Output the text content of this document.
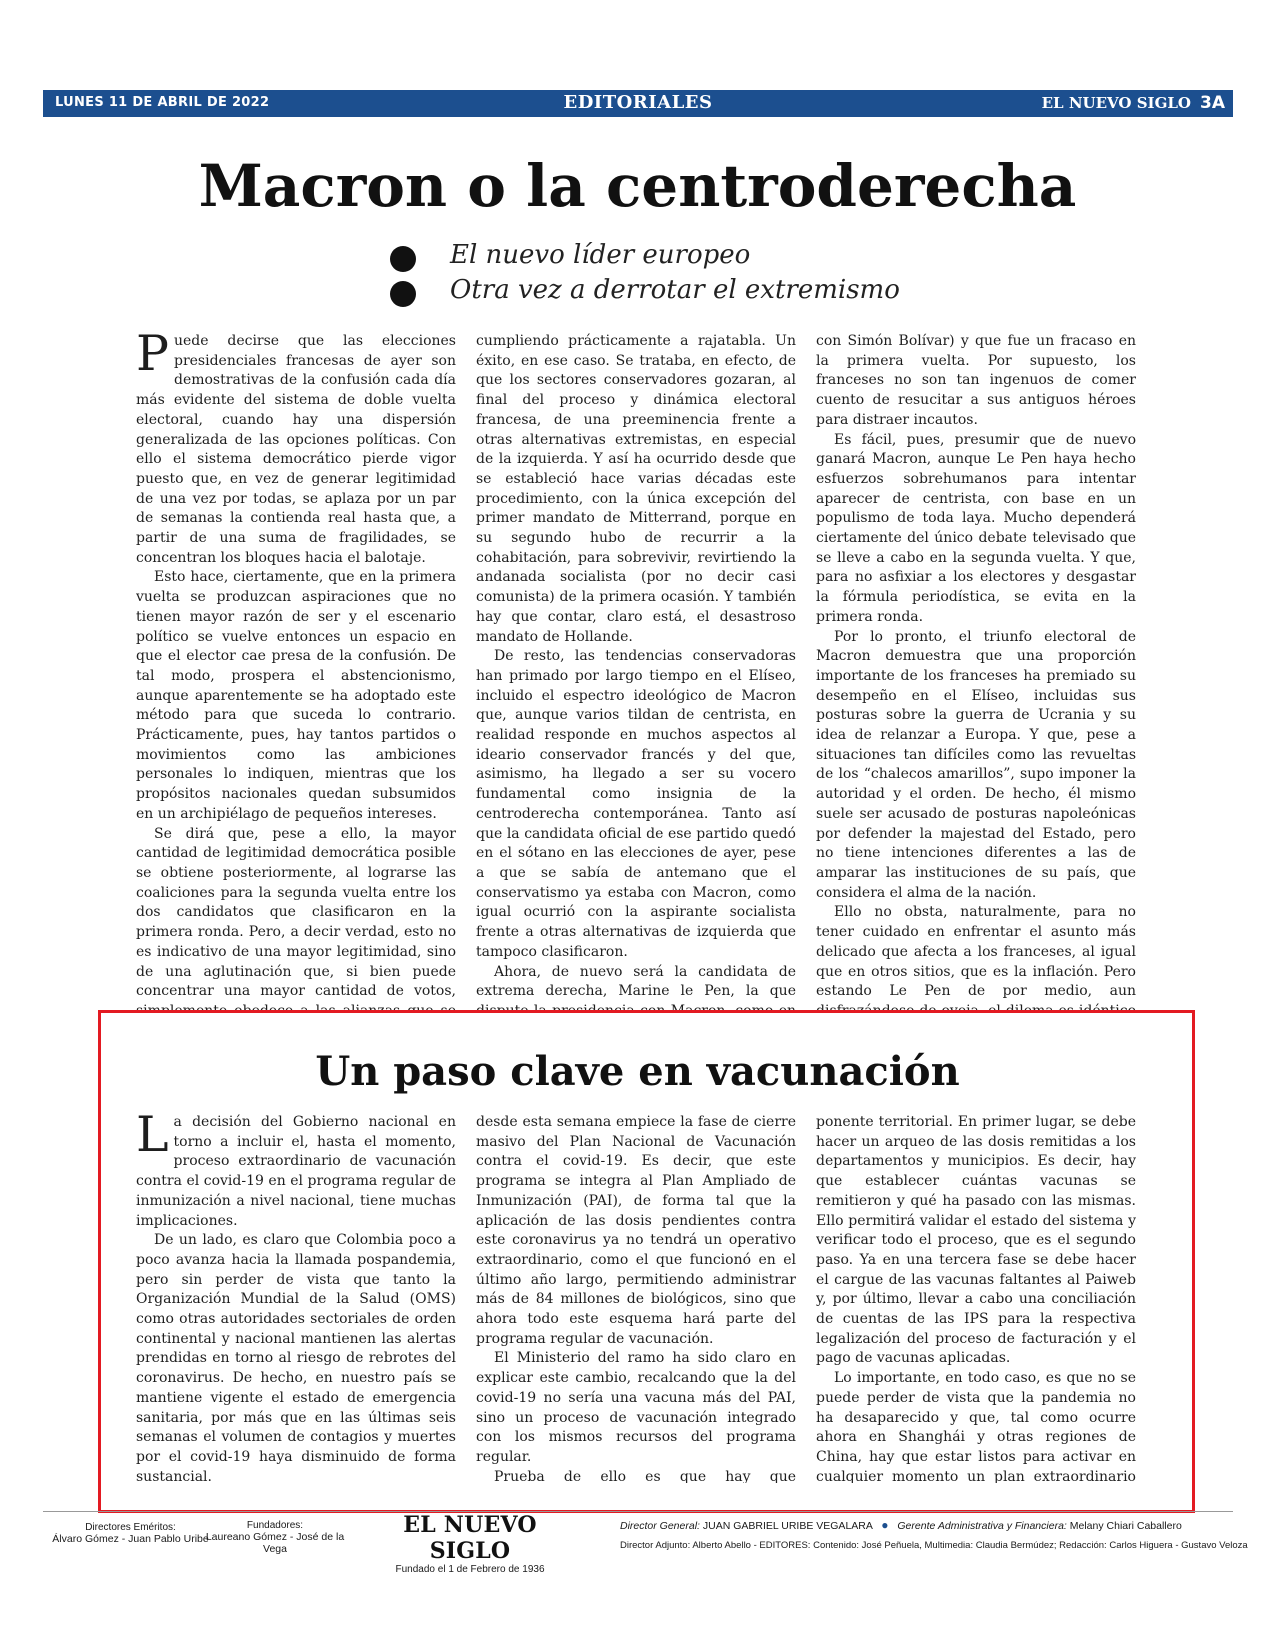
LUNES 11 DE ABRIL DE 2022	EDITORIALES	EL NUEVO SIGLO 3A
Macron o la centroderecha
El nuevo líder europeo
Otra vez a derrotar el extremismo

Puede decirse que las elecciones presidenciales francesas de ayer son demostrativas de la confusión cada día más evidente del sistema de doble vuelta electoral, cuando hay una dispersión generalizada de las opciones políticas. Con ello el sistema democrático pierde vigor puesto que, en vez de generar legitimidad de una vez por todas, se aplaza por un par de semanas la contienda real hasta que, a partir de una suma de fragilidades, se concentran los bloques hacia el balotaje.

Esto hace, ciertamente, que en la primera vuelta se produzcan aspiraciones que no tienen mayor razón de ser y el escenario político se vuelve entonces un espacio en que el elector cae presa de la confusión. De tal modo, prospera el abstencionismo, aunque aparentemente se ha adoptado este método para que suceda lo contrario. Prácticamente, pues, hay tantos partidos o movimientos como las ambiciones personales lo indiquen, mientras que los propósitos nacionales quedan subsumidos en un archipiélago de pequeños intereses.

Se dirá que, pese a ello, la mayor cantidad de legitimidad democrática posible se obtiene posteriormente, al lograrse las coaliciones para la segunda vuelta entre los dos candidatos que clasificaron en la primera ronda. Pero, a decir verdad, esto no es indicativo de una mayor legitimidad, sino de una aglutinación que, si bien puede concentrar una mayor cantidad de votos,

cumpliendo prácticamente a rajatabla. Un éxito, en ese caso. Se trataba, en efecto, de que los sectores conservadores gozaran, al final del proceso y dinámica electoral francesa, de una preeminencia frente a otras alternativas extremistas, en especial de la izquierda. Y así ha ocurrido desde que se estableció hace varias décadas este procedimiento, con la única excepción del primer mandato de Mitterrand, porque en su segundo hubo de recurrir a la cohabitación, para sobrevivir, revirtiendo la andanada socialista (por no decir casi comunista) de la primera ocasión. Y también hay que contar, claro está, el desastroso mandato de Hollande.

De resto, las tendencias conservadoras han primado por largo tiempo en el Elíseo, incluido el espectro ideológico de Macron que, aunque varios tildan de centrista, en realidad responde en muchos aspectos al ideario conservador francés y del que, asimismo, ha llegado a ser su vocero fundamental como insignia de la centroderecha contemporánea. Tanto así que la candidata oficial de ese partido quedó en el sótano en las elecciones de ayer, pese a que se sabía de antemano que el conservatismo ya estaba con Macron, como igual ocurrió con la aspirante socialista frente a otras alternativas de izquierda que tampoco clasificaron.

Ahora, de nuevo será la candidata de extrema derecha, Marine le Pen, la que

con Simón Bolívar) y que fue un fracaso en la primera vuelta. Por supuesto, los franceses no son tan ingenuos de comer cuento de resucitar a sus antiguos héroes para distraer incautos.

Es fácil, pues, presumir que de nuevo ganará Macron, aunque Le Pen haya hecho esfuerzos sobrehumanos para intentar aparecer de centrista, con base en un populismo de toda laya. Mucho dependerá ciertamente del único debate televisado que se lleve a cabo en la segunda vuelta. Y que, para no asfixiar a los electores y desgastar la fórmula periodística, se evita en la primera ronda.

Por lo pronto, el triunfo electoral de Macron demuestra que una proporción importante de los franceses ha premiado su desempeño en el Elíseo, incluidas sus posturas sobre la guerra de Ucrania y su idea de relanzar a Europa. Y que, pese a situaciones tan difíciles como las revueltas de los “chalecos amarillos”, supo imponer la autoridad y el orden. De hecho, él mismo suele ser acusado de posturas napoleónicas por defender la majestad del Estado, pero no tiene intenciones diferentes a las de amparar las instituciones de su país, que considera el alma de la nación.

Ello no obsta, naturalmente, para no tener cuidado en enfrentar el asunto más delicado que afecta a los franceses, al igual que en otros sitios, que es la inflación. Pero estando Le Pen de por medio, aun

Un paso clave en vacunación

La decisión del Gobierno nacional en torno a incluir el, hasta el momento, proceso extraordinario de vacunación contra el covid-19 en el programa regular de inmunización a nivel nacional, tiene muchas implicaciones.

De un lado, es claro que Colombia poco a poco avanza hacia la llamada pospandemia, pero sin perder de vista que tanto la Organización Mundial de la Salud (OMS) como otras autoridades sectoriales de orden continental y nacional mantienen las alertas prendidas en torno al riesgo de rebrotes del coronavirus. De hecho, en nuestro país se mantiene vigente el estado de emergencia sanitaria, por más que en las últimas seis semanas el volumen de contagios y muertes por el covid-19 haya disminuido de forma sustancial.

desde esta semana empiece la fase de cierre masivo del Plan Nacional de Vacunación contra el covid-19. Es decir, que este programa se integra al Plan Ampliado de Inmunización (PAI), de forma tal que la aplicación de las dosis pendientes contra este coronavirus ya no tendrá un operativo extraordinario, como el que funcionó en el último año largo, permitiendo administrar más de 84 millones de biológicos, sino que ahora todo este esquema hará parte del programa regular de vacunación.

El Ministerio del ramo ha sido claro en explicar este cambio, recalcando que la del covid-19 no sería una vacuna más del PAI, sino un proceso de vacunación integrado con los mismos recursos del programa regular.

Prueba de ello es que hay que

ponente territorial. En primer lugar, se debe hacer un arqueo de las dosis remitidas a los departamentos y municipios. Es decir, hay que establecer cuántas vacunas se remitieron y qué ha pasado con las mismas. Ello permitirá validar el estado del sistema y verificar todo el proceso, que es el segundo paso. Ya en una tercera fase se debe hacer el cargue de las vacunas faltantes al Paiweb y, por último, llevar a cabo una conciliación de cuentas de las IPS para la respectiva legalización del proceso de facturación y el pago de vacunas aplicadas.

Lo importante, en todo caso, es que no se puede perder de vista que la pandemia no ha desaparecido y que, tal como ocurre ahora en Shanghái y otras regiones de China, hay que estar listos para activar en cualquier momento un plan extraordinario

Directores Eméritos:
Álvaro Gómez - Juan Pablo Uribe
Fundadores:
Laureano Gómez - José de la Vega
EL NUEVO SIGLO
Fundado el 1 de Febrero de 1936
Director General: JUAN GABRIEL URIBE VEGALARA ● Gerente Administrativa y Financiera: Melany Chiari Caballero
Director Adjunto: Alberto Abello - EDITORES: Contenido: José Peñuela, Multimedia: Claudia Bermúdez; Redacción: Carlos Higuera - Gustavo Veloza
